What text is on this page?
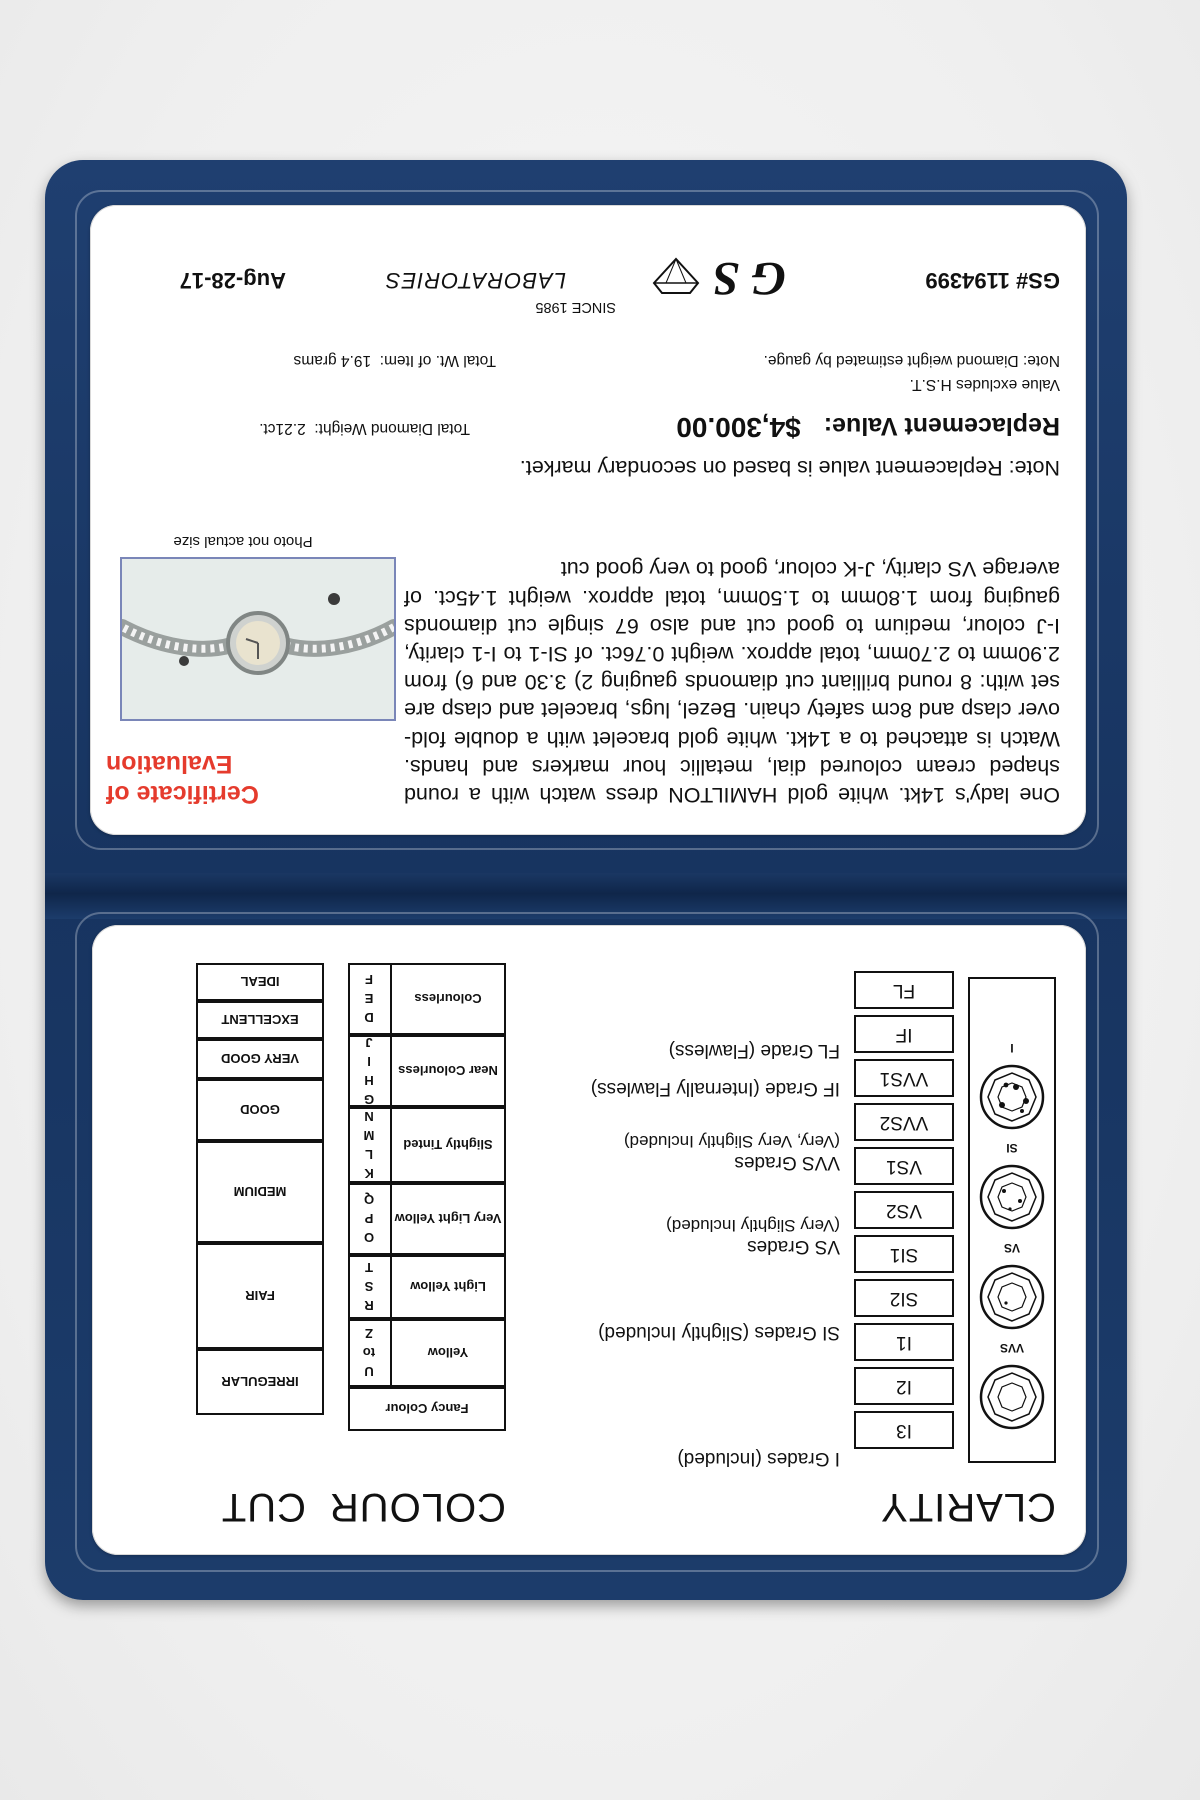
Certificate of
Evaluation
One lady's 14kt. white gold HAMILTON dress watch with a round shaped cream coloured dial, metallic hour markers and hands. Watch is attached to a 14kt. white gold bracelet with a double fold-over clasp and 8cm safety chain. Bezel, lugs, bracelet and clasp are set with: 8 round brilliant cut diamonds gauging 2) 3.30 and 6) from 2.90mm to 2.70mm, total approx. weight 0.76ct. of SI-1 to I-1 clarity, I-J colour, medium to good cut and also 67 single cut diamonds gauging from 1.80mm to 1.50mm, total approx. weight 1.45ct. of average VS clarity, J-K colour, good to very good cut
Photo not actual size
Note: Replacement value is based on secondary market.
Replacement Value: $4,300.00
Total Diamond Weight:  2.21ct.
Value excludes H.S.T.
Note: Diamond weight estimated by gauge.
Total Wt. of Item:  19.4 grams
GS# 1194399
G S
SINCE 1985
LABORATORIES
Aug-28-17
CLARITY
COLOUR
CUT
VVS
VS
SI
I
FL
IF
VVS1
VVS2
VS1
VS2
SI1
SI2
I1
I2
I3
FL Grade (Flawless)
IF Grade (Internally Flawless)
VVS Grades
(Very, Very Slightly Included)
VS Grades
(Very Slightly Included)
SI Grades (Slightly Included)
I Grades (Included)
Colourless
D
E
F
Near Colourless
G
H
I
J
Slightly Tinted
K
L
M
N
Very Light Yellow
O
P
Q
Light Yellow
R
S
T
Yellow
U
to
Z
Fancy Colour
IDEAL
EXCELLENT
VERY GOOD
GOOD
MEDIUM
FAIR
IRREGULAR
